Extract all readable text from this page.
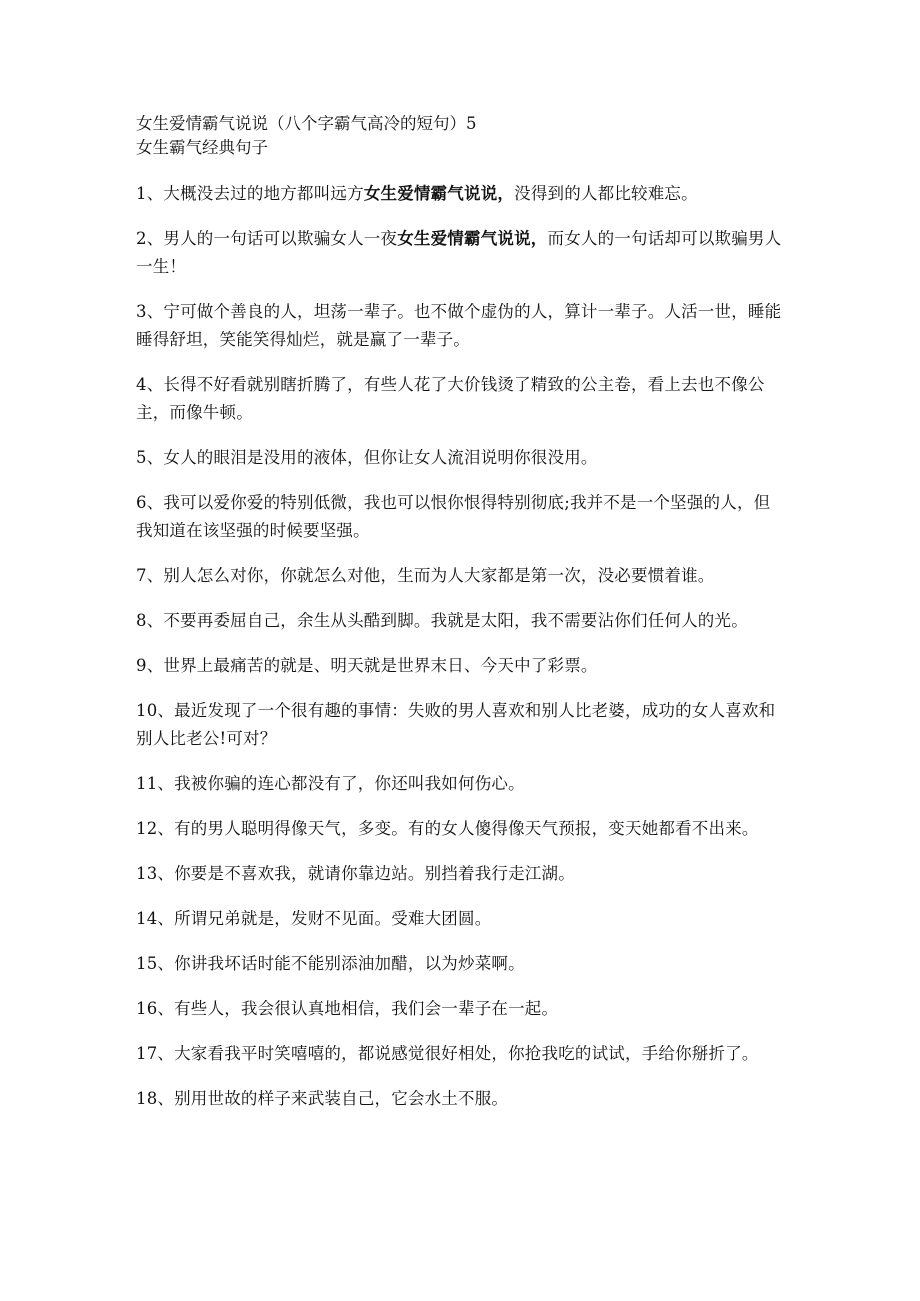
女生爱情霸气说说（八个字霸气高冷的短句）5

女生霸气经典句子

1、大概没去过的地方都叫远方女生爱情霸气说说，没得到的人都比较难忘。

2、男人的一句话可以欺骗女人一夜女生爱情霸气说说，而女人的一句话却可以欺骗男人一生！

3、宁可做个善良的人，坦荡一辈子。也不做个虚伪的人，算计一辈子。人活一世，睡能睡得舒坦，笑能笑得灿烂，就是赢了一辈子。

4、长得不好看就别瞎折腾了，有些人花了大价钱烫了精致的公主卷，看上去也不像公主，而像牛顿。

5、女人的眼泪是没用的液体，但你让女人流泪说明你很没用。

6、我可以爱你爱的特别低微，我也可以恨你恨得特别彻底;我并不是一个坚强的人，但我知道在该坚强的时候要坚强。

7、别人怎么对你，你就怎么对他，生而为人大家都是第一次，没必要惯着谁。

8、不要再委屈自己，余生从头酷到脚。我就是太阳，我不需要沾你们任何人的光。

9、世界上最痛苦的就是、明天就是世界末日、今天中了彩票。

10、最近发现了一个很有趣的事情：失败的男人喜欢和别人比老婆，成功的女人喜欢和别人比老公!可对？

11、我被你骗的连心都没有了，你还叫我如何伤心。

12、有的男人聪明得像天气，多变。有的女人傻得像天气预报，变天她都看不出来。

13、你要是不喜欢我，就请你靠边站。别挡着我行走江湖。

14、所谓兄弟就是，发财不见面。受难大团圆。

15、你讲我坏话时能不能别添油加醋，以为炒菜啊。

16、有些人，我会很认真地相信，我们会一辈子在一起。

17、大家看我平时笑嘻嘻的，都说感觉很好相处，你抢我吃的试试，手给你掰折了。

18、别用世故的样子来武装自己，它会水土不服。
